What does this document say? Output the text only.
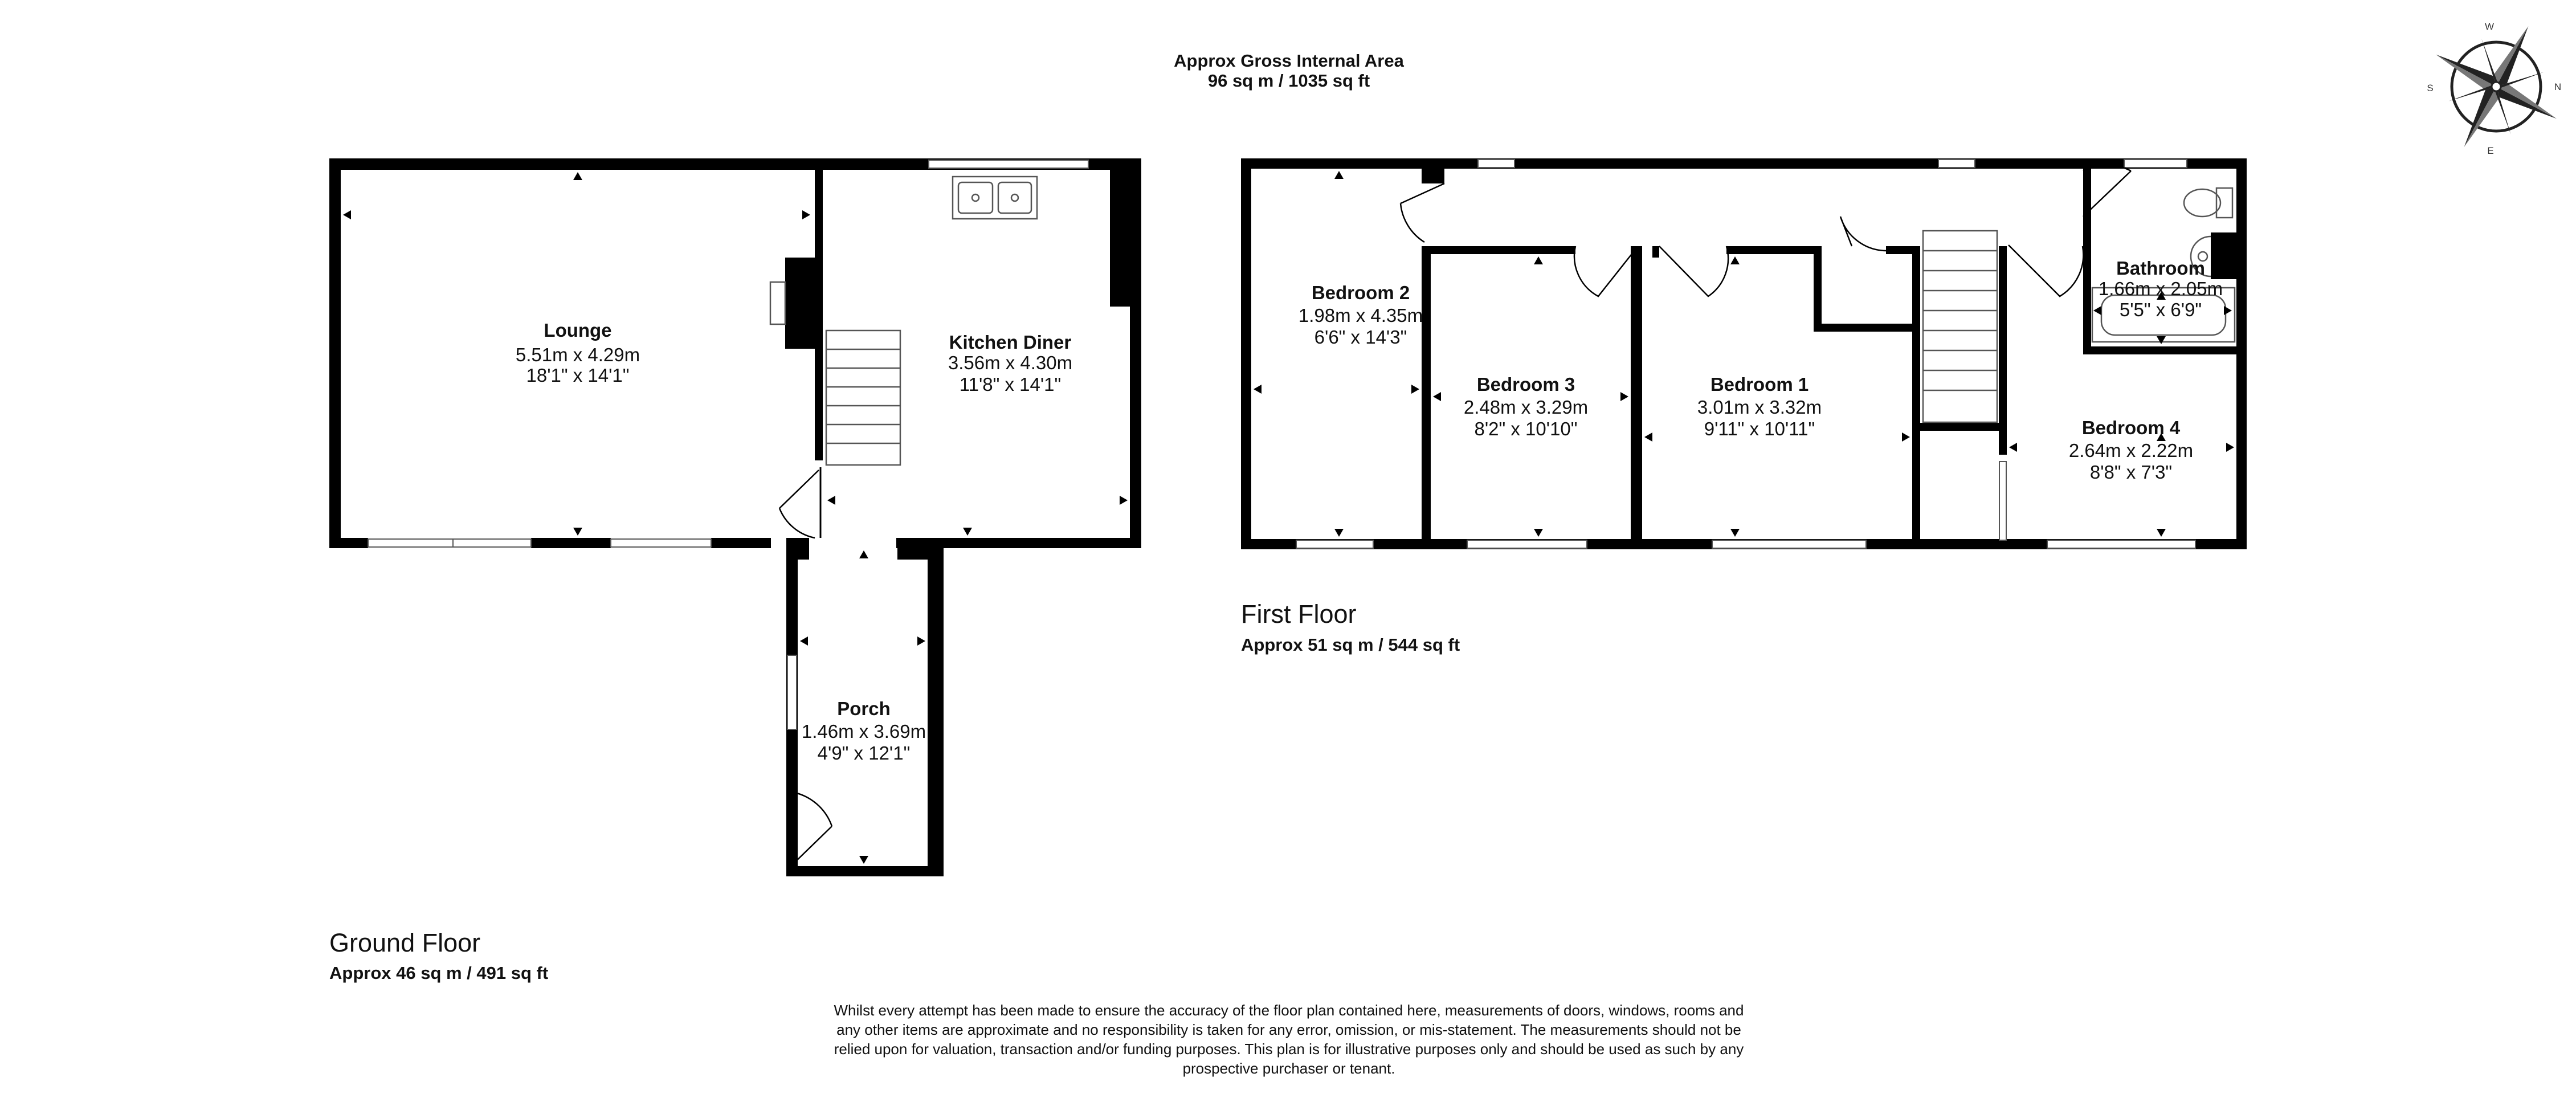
Approx Gross Internal Area
96 sq m / 1035 sq ft
W
N
S
E
Lounge
5.51m x 4.29m
18'1" x 14'1"
Kitchen Diner
3.56m x 4.30m
11'8" x 14'1"
Porch
1.46m x 3.69m
4'9" x 12'1"
Bedroom 2
1.98m x 4.35m
6'6" x 14'3"
Bedroom 3
2.48m x 3.29m
8'2" x 10'10"
Bedroom 1
3.01m x 3.32m
9'11" x 10'11"
Bathroom
1.66m x 2.05m
5'5" x 6'9"
Bedroom 4
2.64m x 2.22m
8'8" x 7'3"
Ground Floor
Approx 46 sq m / 491 sq ft
First Floor
Approx 51 sq m / 544 sq ft
Whilst every attempt has been made to ensure the accuracy of the floor plan contained here, measurements of doors, windows, rooms and
any other items are approximate and no responsibility is taken for any error, omission, or mis-statement. The measurements should not be
relied upon for valuation, transaction and/or funding purposes. This plan is for illustrative purposes only and should be used as such by any
prospective purchaser or tenant.
